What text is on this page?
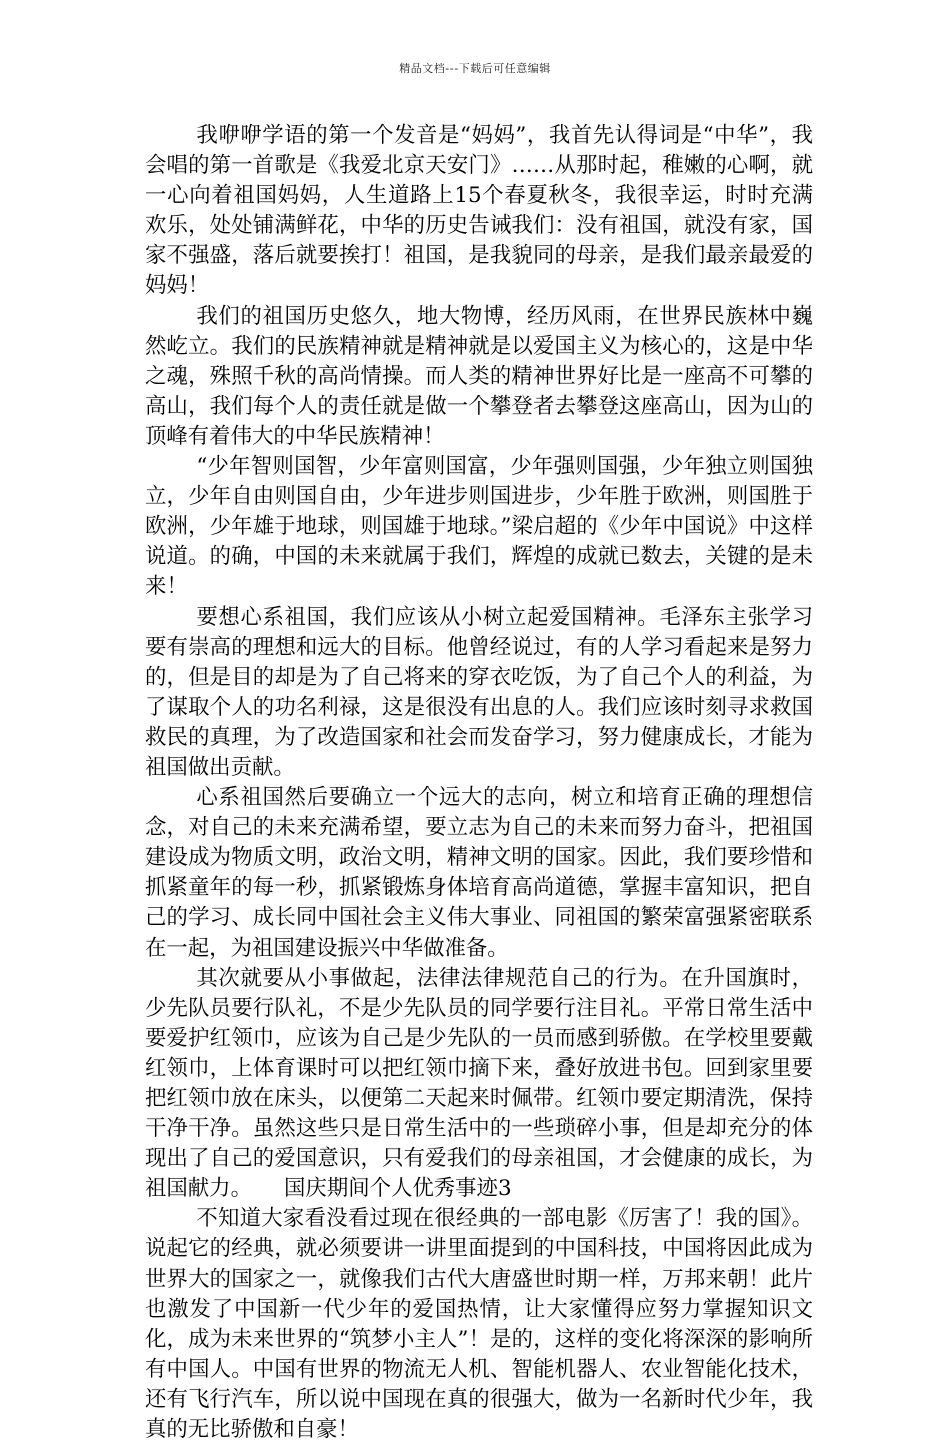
精品文档---下载后可任意编辑

我咿咿学语的第一个发音是“妈妈”，我首先认得词是“中华”，我会唱的第一首歌是《我爱北京天安门》……从那时起，稚嫩的心啊，就一心向着祖国妈妈，人生道路上15个春夏秋冬，我很幸运，时时充满欢乐，处处铺满鲜花，中华的历史告诫我们：没有祖国，就没有家，国家不强盛，落后就要挨打！祖国，是我貌同的母亲，是我们最亲最爱的妈妈！

我们的祖国历史悠久，地大物博，经历风雨，在世界民族林中巍然屹立。我们的民族精神就是精神就是以爱国主义为核心的，这是中华之魂，殊照千秋的高尚情操。而人类的精神世界好比是一座高不可攀的高山，我们每个人的责任就是做一个攀登者去攀登这座高山，因为山的顶峰有着伟大的中华民族精神！

“少年智则国智，少年富则国富，少年强则国强，少年独立则国独立，少年自由则国自由，少年进步则国进步，少年胜于欧洲，则国胜于欧洲，少年雄于地球，则国雄于地球。”梁启超的《少年中国说》中这样说道。的确，中国的未来就属于我们，辉煌的成就已数去，关键的是未来！

要想心系祖国，我们应该从小树立起爱国精神。毛泽东主张学习要有崇高的理想和远大的目标。他曾经说过，有的人学习看起来是努力的，但是目的却是为了自己将来的穿衣吃饭，为了自己个人的利益，为了谋取个人的功名利禄，这是很没有出息的人。我们应该时刻寻求救国救民的真理，为了改造国家和社会而发奋学习，努力健康成长，才能为祖国做出贡献。

心系祖国然后要确立一个远大的志向，树立和培育正确的理想信念，对自己的未来充满希望，要立志为自己的未来而努力奋斗，把祖国建设成为物质文明，政治文明，精神文明的国家。因此，我们要珍惜和抓紧童年的每一秒，抓紧锻炼身体培育高尚道德，掌握丰富知识，把自己的学习、成长同中国社会主义伟大事业、同祖国的繁荣富强紧密联系在一起，为祖国建设振兴中华做准备。

其次就要从小事做起，法律法律规范自己的行为。在升国旗时，少先队员要行队礼，不是少先队员的同学要行注目礼。平常日常生活中要爱护红领巾，应该为自己是少先队的一员而感到骄傲。在学校里要戴红领巾，上体育课时可以把红领巾摘下来，叠好放进书包。回到家里要把红领巾放在床头，以便第二天起来时佩带。红领巾要定期清洗，保持干净干净。虽然这些只是日常生活中的一些琐碎小事，但是却充分的体现出了自己的爱国意识，只有爱我们的母亲祖国，才会健康的成长，为祖国献力。　　国庆期间个人优秀事迹3

不知道大家看没看过现在很经典的一部电影《厉害了！我的国》。说起它的经典，就必须要讲一讲里面提到的中国科技，中国将因此成为世界大的国家之一，就像我们古代大唐盛世时期一样，万邦来朝！此片也激发了中国新一代少年的爱国热情，让大家懂得应努力掌握知识文化，成为未来世界的“筑梦小主人”！是的，这样的变化将深深的影响所有中国人。中国有世界的物流无人机、智能机器人、农业智能化技术，还有飞行汽车，所以说中国现在真的很强大，做为一名新时代少年，我真的无比骄傲和自豪！
